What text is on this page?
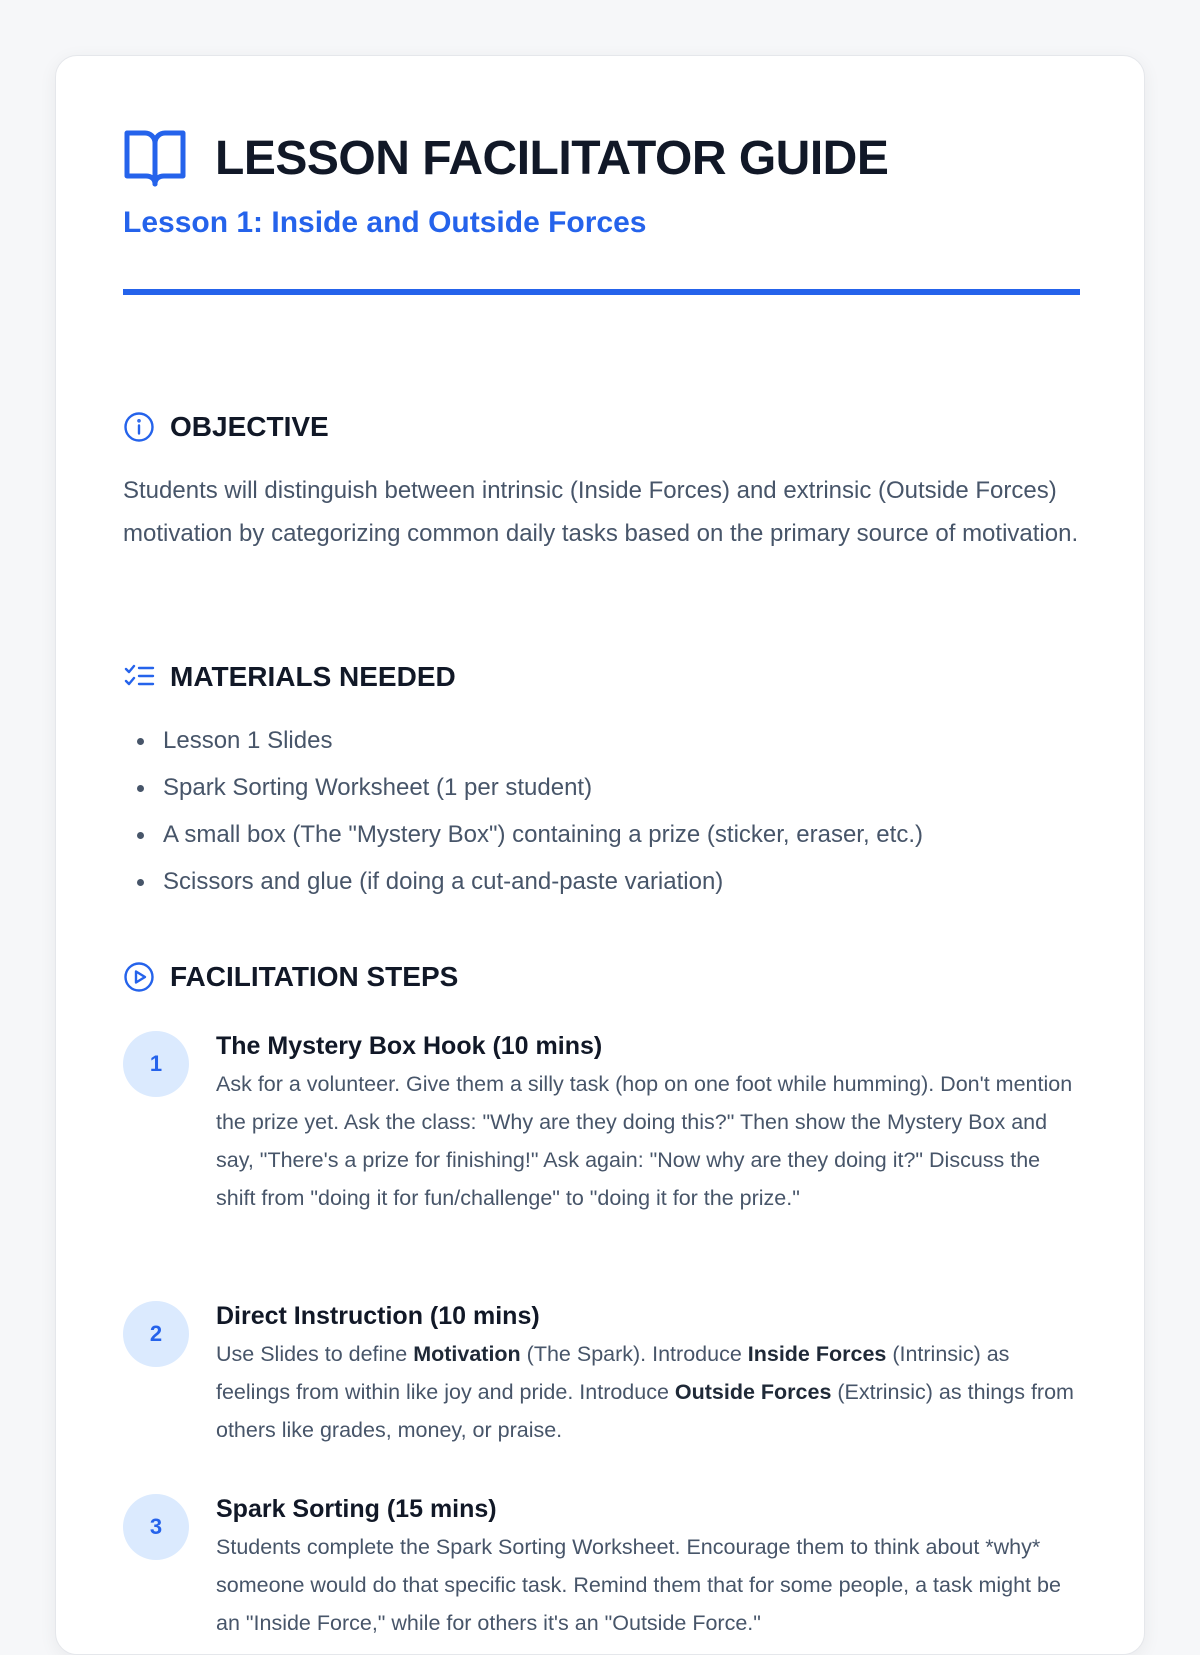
LESSON FACILITATOR GUIDE
Lesson 1: Inside and Outside Forces
OBJECTIVE
Students will distinguish between intrinsic (Inside Forces) and extrinsic (Outside Forces) motivation by categorizing common daily tasks based on the primary source of motivation.
MATERIALS NEEDED
Lesson 1 Slides
Spark Sorting Worksheet (1 per student)
A small box (The "Mystery Box") containing a prize (sticker, eraser, etc.)
Scissors and glue (if doing a cut-and-paste variation)
FACILITATION STEPS
1
The Mystery Box Hook (10 mins)
Ask for a volunteer. Give them a silly task (hop on one foot while humming). Don't mention the prize yet. Ask the class: "Why are they doing this?" Then show the Mystery Box and say, "There's a prize for finishing!" Ask again: "Now why are they doing it?" Discuss the shift from "doing it for fun/challenge" to "doing it for the prize."
2
Direct Instruction (10 mins)
Use Slides to define Motivation (The Spark). Introduce Inside Forces (Intrinsic) as feelings from within like joy and pride. Introduce Outside Forces (Extrinsic) as things from others like grades, money, or praise.
3
Spark Sorting (15 mins)
Students complete the Spark Sorting Worksheet. Encourage them to think about *why* someone would do that specific task. Remind them that for some people, a task might be an "Inside Force," while for others it's an "Outside Force."
